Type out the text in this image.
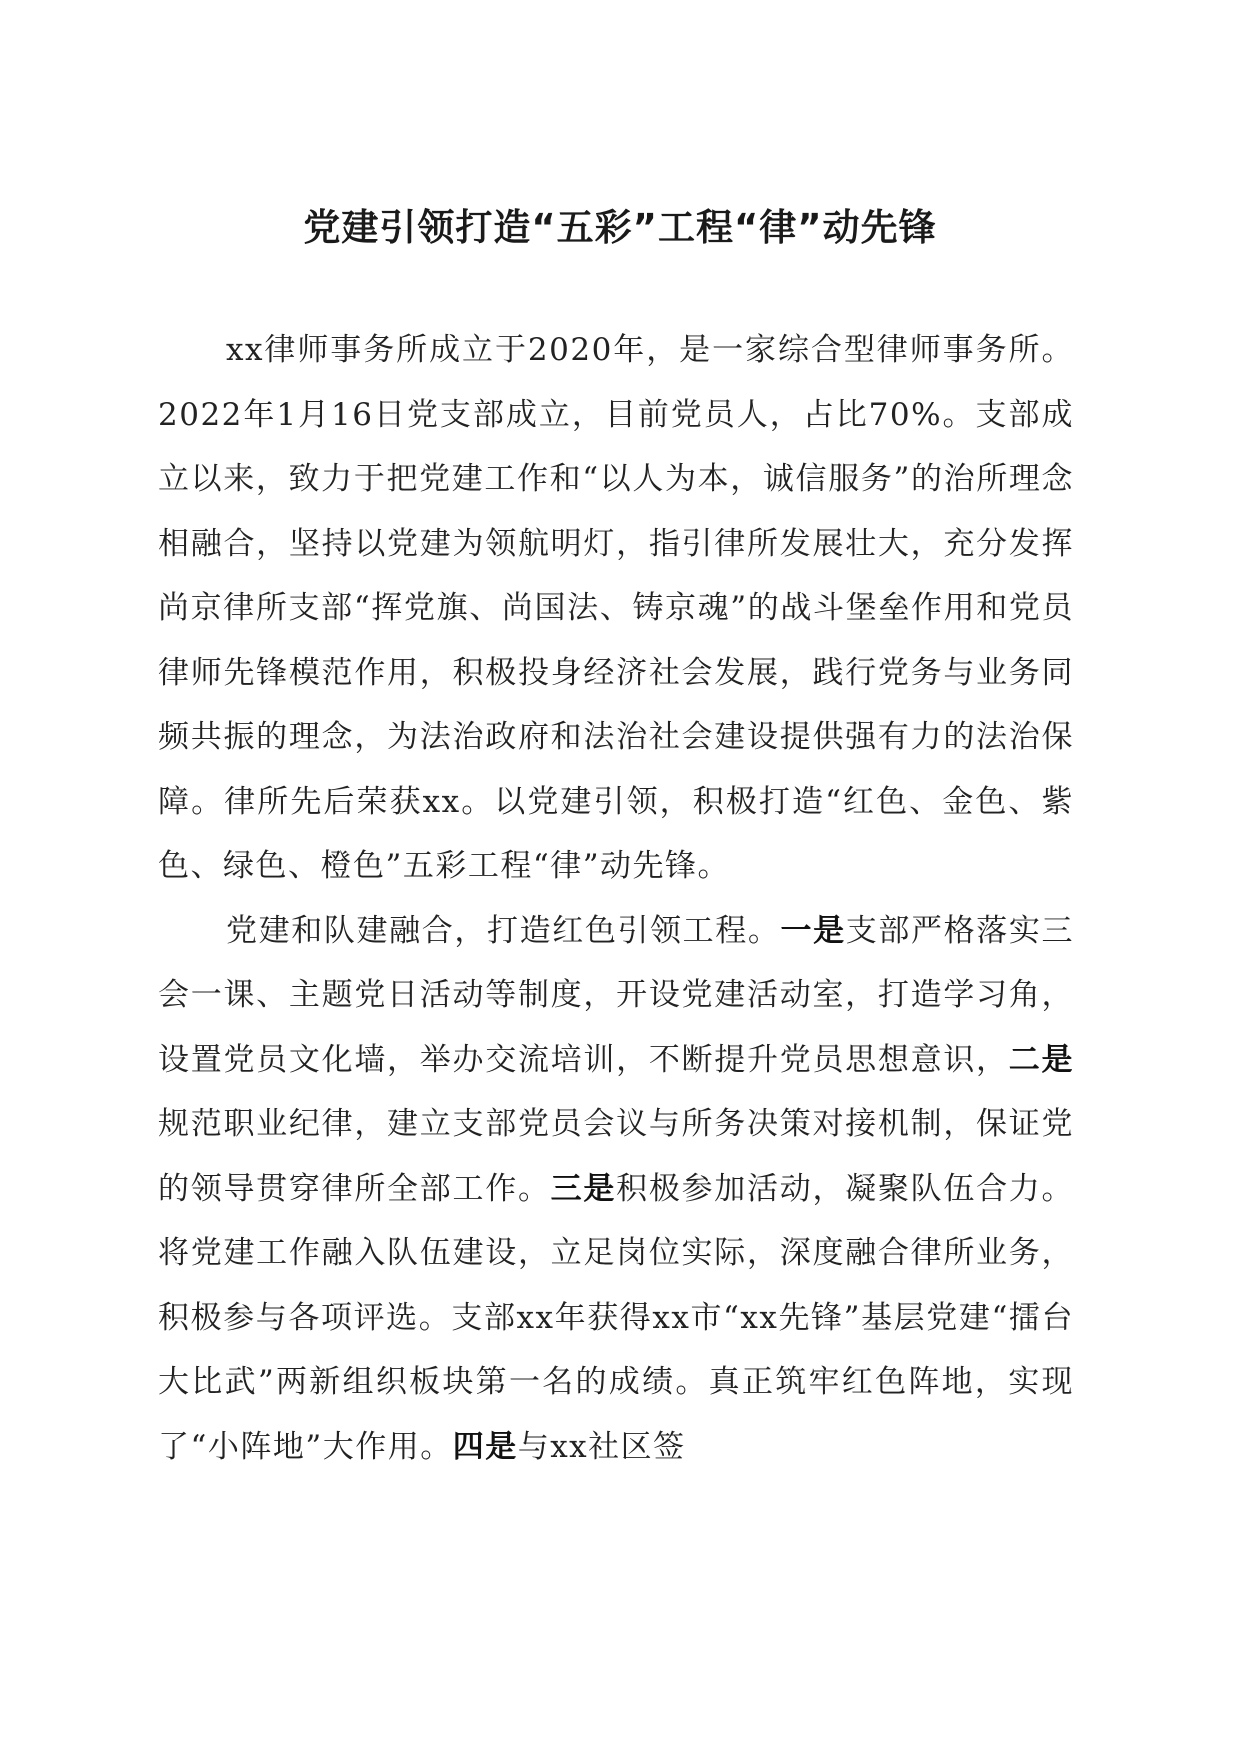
党建引领打造“五彩”工程“律”动先锋

xx律师事务所成立于2020年，是一家综合型律师事务所。2022年1月16日党支部成立，目前党员人，占比70%。支部成立以来，致力于把党建工作和“以人为本，诚信服务”的治所理念相融合，坚持以党建为领航明灯，指引律所发展壮大，充分发挥尚京律所支部“挥党旗、尚国法、铸京魂”的战斗堡垒作用和党员律师先锋模范作用，积极投身经济社会发展，践行党务与业务同频共振的理念，为法治政府和法治社会建设提供强有力的法治保障。律所先后荣获xx。以党建引领，积极打造“红色、金色、紫色、绿色、橙色”五彩工程“律”动先锋。

党建和队建融合，打造红色引领工程。一是支部严格落实三会一课、主题党日活动等制度，开设党建活动室，打造学习角，设置党员文化墙，举办交流培训，不断提升党员思想意识，二是规范职业纪律，建立支部党员会议与所务决策对接机制，保证党的领导贯穿律所全部工作。三是积极参加活动，凝聚队伍合力。将党建工作融入队伍建设，立足岗位实际，深度融合律所业务，积极参与各项评选。支部xx年获得xx市“xx先锋”基层党建“擂台大比武”两新组织板块第一名的成绩。真正筑牢红色阵地，实现了“小阵地”大作用。四是与xx社区签
